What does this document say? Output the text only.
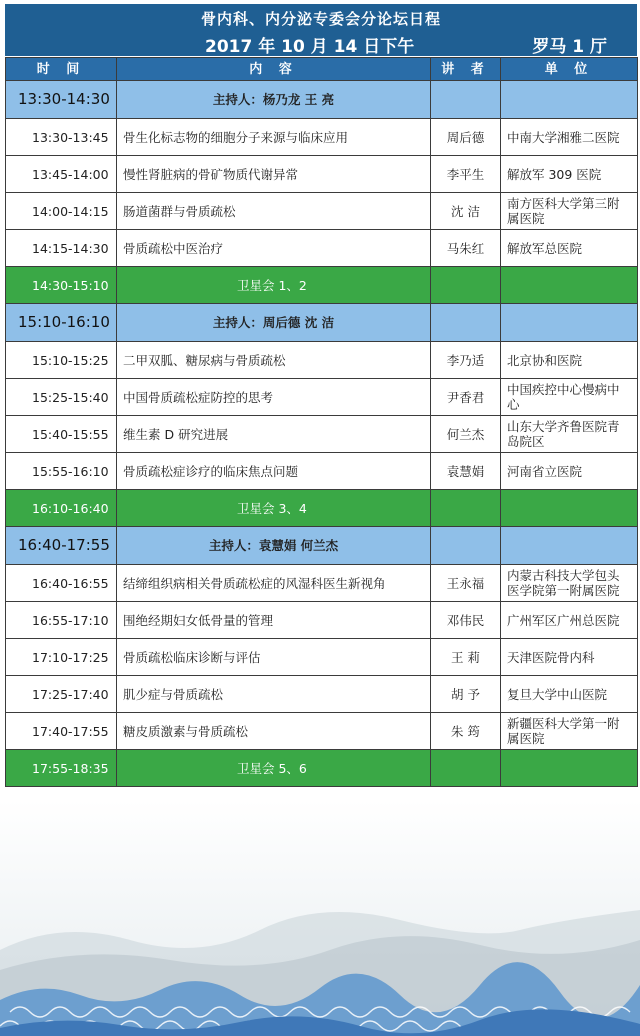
骨内科、内分泌专委会分论坛日程
2017 年 10 月 14 日下午	罗马 1 厅
时 间	内 容	讲 者	单 位
13:30-14:30	主持人：杨乃龙 王 亮		
13:30-13:45	骨生化标志物的细胞分子来源与临床应用	周后德	中南大学湘雅二医院
13:45-14:00	慢性肾脏病的骨矿物质代谢异常	李平生	解放军 309 医院
14:00-14:15	肠道菌群与骨质疏松	沈 洁	南方医科大学第三附属医院
14:15-14:30	骨质疏松中医治疗	马朱红	解放军总医院
14:30-15:10	卫星会 1、2		
15:10-16:10	主持人：周后德 沈 洁		
15:10-15:25	二甲双胍、糖尿病与骨质疏松	李乃适	北京协和医院
15:25-15:40	中国骨质疏松症防控的思考	尹香君	中国疾控中心慢病中心
15:40-15:55	维生素 D 研究进展	何兰杰	山东大学齐鲁医院青岛院区
15:55-16:10	骨质疏松症诊疗的临床焦点问题	袁慧娟	河南省立医院
16:10-16:40	卫星会 3、4		
16:40-17:55	主持人：袁慧娟 何兰杰		
16:40-16:55	结缔组织病相关骨质疏松症的风湿科医生新视角	王永福	内蒙古科技大学包头医学院第一附属医院
16:55-17:10	围绝经期妇女低骨量的管理	邓伟民	广州军区广州总医院
17:10-17:25	骨质疏松临床诊断与评估	王 莉	天津医院骨内科
17:25-17:40	肌少症与骨质疏松	胡 予	复旦大学中山医院
17:40-17:55	糖皮质激素与骨质疏松	朱 筠	新疆医科大学第一附属医院
17:55-18:35	卫星会 5、6		
